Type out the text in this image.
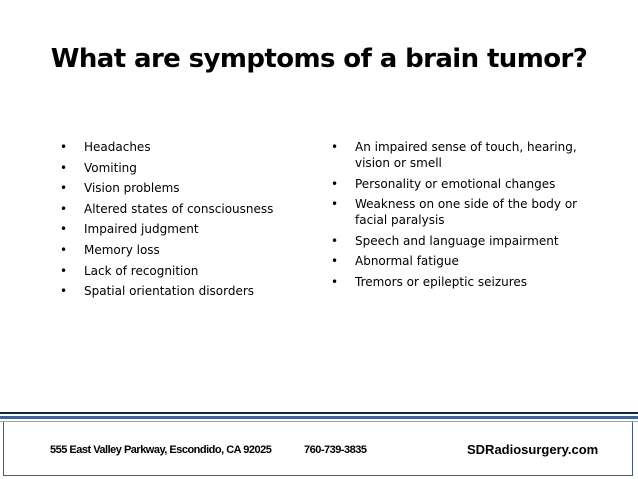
What are symptoms of a brain tumor?
• Headaches
• Vomiting
• Vision problems
• Altered states of consciousness
• Impaired judgment
• Memory loss
• Lack of recognition
• Spatial orientation disorders
• An impaired sense of touch, hearing, vision or smell
• Personality or emotional changes
• Weakness on one side of the body or facial paralysis
• Speech and language impairment
• Abnormal fatigue
• Tremors or epileptic seizures
555 East Valley Parkway, Escondido, CA 92025	760-739-3835	SDRadiosurgery.com
